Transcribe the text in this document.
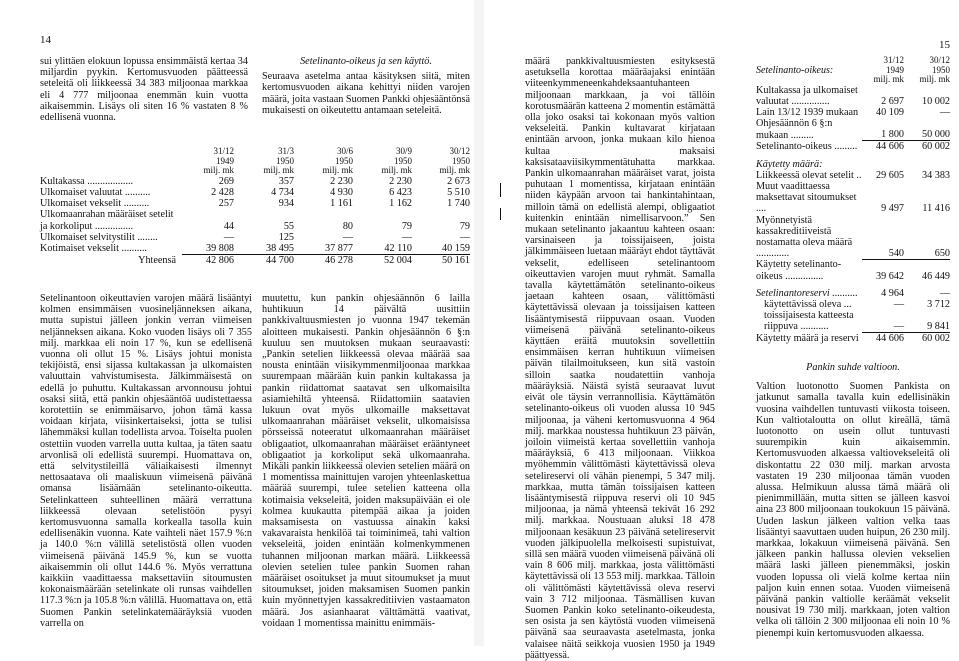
14

sui ylittäen elokuun lopussa ensimmäistä kertaa 34 miljardin pyykin. Kertomusvuoden päätteessä seteleitä oli liikkeessä 34 383 miljoonaa markkaa eli 4 777 miljoonaa enemmän kuin vuotta aikaisemmin. Lisäys oli siten 16 % vastaten 8 % edellisenä vuonna.

Setelinanto-oikeus ja sen käyttö.

Seuraava asetelma antaa käsityksen siitä, miten kertomusvuoden aikana kehittyi niiden varojen määrä, joita vastaan Suomen Pankki ohjesääntönsä mukaisesti on oikeutettu antamaan seteleitä.

	31/12	31/3	30/6	30/9	30/12
	1949	1950	1950	1950	1950
	milj. mk	milj. mk	milj. mk	milj. mk	milj. mk
Kultakassa ..................	269	357	2 230	2 230	2 673
Ulkomaiset valuutat ..........	2 428	4 734	4 930	6 423	5 510
Ulkomaiset vekselit ..........	257	934	1 161	1 162	1 740
Ulkomaanrahan määräiset setelit					
ja korkoliput ...............	44	55	80	79	79
Ulkomaiset selvitystilit ........	—	125	—	—	—
Kotimaiset vekselit ..........	39 808	38 495	37 877	42 110	40 159
Yhteensä	42 806	44 700	46 278	52 004	50 161

Setelinantoon oikeuttavien varojen määrä lisääntyi kolmen ensimmäisen vuosineljänneksen aikana, mutta supistui jälleen jonkin verran viimeisen neljänneksen aikana. Koko vuoden lisäys oli 7 355 milj. markkaa eli noin 17 %, kun se edellisenä vuonna oli ollut 15 %. Lisäys johtui monista tekijöistä, ensi sijassa kultakassan ja ulkomaisten valuuttain vahvistumisesta. Jälkimmäisestä on edellä jo puhuttu. Kultakassan arvonnousu johtui osaksi siitä, että pankin ohjesääntöä uudistettaessa korotettiin se enimmäisarvo, johon tämä kassa voidaan kirjata, viisinkertaiseksi, jotta se tulisi lähemmäksi kullan todellista arvoa. Toiselta puolen ostettiin vuoden varrella uutta kultaa, ja täten saatu arvonlisä oli edellistä suurempi. Huomattava on, että selvitystileillä väliaikaisesti ilmennyt nettosaatava oli maaliskuun viimeisenä päivänä omansa lisäämään setelinanto-oikeutta. Setelinkatteen suhteellinen määrä verrattuna liikkeessä olevaan setelistöön pysyi kertomusvuonna samalla korkealla tasolla kuin edellisenäkin vuonna. Kate vaihteli näet 157.9 %:n ja 140.0 %:n välillä setelistöstä ollen vuoden viimeisenä päivänä 145.9 %, kun se vuotta aikaisemmin oli ollut 144.6 %. Myös verrattuna kaikkiin vaadittaessa maksettaviin sitoumusten kokonaismäärään setelinkate oli runsas vaihdellen 117.3 %:n ja 105.8 %:n välillä. Huomattava on, että Suomen Pankin setelinkatemääräyksiä vuoden varrella on

muutettu, kun pankin ohjesäännön 6 lailla huhtikuun 14 päivältä uusittiin pankkivaltuusmiesten jo vuonna 1947 tekemän aloitteen mukaisesti. Pankin ohjesäännön 6 §:n kuuluu sen muutoksen mukaan seuraavasti: „Pankin setelien liikkeessä olevaa määrää saa nousta enintään viisikymmenmiljoonaa markkaa suurempaan määrään kuin pankin kultakassa ja pankin riidattomat saatavat sen ulkomaisilta asiamiehiltä yhteensä. Riidattomiin saatavien lukuun ovat myös ulkomaille maksettavat ulkomaanrahan määräiset vekselit, ulkomaisissa pörsseissä noteeratut ulkomaanrahan määräiset obligaatiot, ulkomaanrahan määräiset erääntyneet obligaatiot ja korkoliput sekä ulkomaanraha. Mikäli pankin liikkeessä olevien setelien määrä on 1 momentissa mainittujen varojen yhteenlaskettua määrää suurempi, tulee setelien katteena olla kotimaisia vekseleitä, joiden maksupäivään ei ole kolmea kuukautta pitempää aikaa ja joiden maksamisesta on vastuussa ainakin kaksi vakavaraista henkilöä tai toiminimeä, tahi valtion vekseleitä, joiden enintään kolmenkymmenen tuhannen miljoonan markan määrä. Liikkeessä olevien setelien tulee pankin Suomen rahan määräiset osoitukset ja muut sitoumukset ja muut sitoumukset, joiden maksamisen Suomen pankin kuin myönnettyjen kassakreditiivien vastaamaton määrä. Jos asianhaarat välttämättä vaativat, voidaan 1 momentissa mainittu enimmäis-

15

määrä pankkivaltuusmiesten esityksestä asetuksella korottaa määräajaksi enintään viiteenkymmeneenkahdeksaantuhanteen miljoonaan markkaan, ja voi tällöin korotusmäärän katteena 2 momentin estämättä olla joko osaksi tai kokonaan myös valtion vekseleitä. Pankin kultavarat kirjataan enintään arvoon, jonka mukaan kilo hienoa kultaa maksaisi kaksisataaviisikymmentätuhatta markkaa. Pankin ulkomaanrahan määräiset varat, joista puhutaan 1 momentissa, kirjataan enintään niiden käypään arvoon tai hankintahintaan, milloin tämä on edellistä alempi, obligaatiot kuitenkin enintään nimellisarvoon.” Sen mukaan setelinanto jakaantuu kahteen osaan: varsinaiseen ja toissijaiseen, joista jälkimmäiseen luetaan määräyt ehdot täyttävät vekselit, edelliseen setelinantoom oikeuttavien varojen muut ryhmät. Samalla tavalla käytettämätön setelinanto-oikeus jaetaan kahteen osaan, välittömästi käytettävissä olevaan ja toissijaisen katteen lisääntymisestä riippuvaan osaan. Vuoden viimeisenä päivänä setelinanto-oikeus käyttäen eräitä muutoksin sovellettiin ensimmäisen kerran huhtikuun viimeisen päivän tilailmoitukseen, kun sitä vastoin silloin saatka noudatettiin vanhoja määräyksiä. Näistä syistä seuraavat luvut eivät ole täysin verrannollisia. Käyttämätön setelinanto-oikeus oli vuoden alussa 10 945 miljoonaa, ja väheni kertomusvuonna 4 964 milj. markkaa noustessa huhtikuun 23 päivän, joiloin viimeistä kertaa sovellettiin vanhoja määräyksiä, 6 413 miljoonaan. Viikkoa myöhemmin välittömästi käytettävissä oleva setelireservi oli vähän pienempi, 5 347 milj. markkaa, mutta tämän toissijaisen katteen lisääntymisestä riippuva reservi oli 10 945 miljoonaa, ja nämä yhteensä tekivät 16 292 milj. markkaa. Noustuaan aluksi 18 478 miljoonaan kesäkuun 23 päivänä setelireservit vuoden jälkipuolella melkoisesti supistuivat, sillä sen määrä vuoden viimeisenä päivänä oli vain 8 606 milj. markkaa, josta välittömästi käytettävissä oli 13 553 milj. markkaa. Tälloin oli välittömästi käytettävissä oleva reservi vain 3 712 miljoonaa. Täsmällisen kuvan Suomen Pankin koko setelinanto-oikeudesta, sen osista ja sen käytöstä vuoden viimeisenä päivänä saa seuraavasta asetelmasta, jonka valaisee näitä seikkoja vuosien 1950 ja 1949 päättyessä.

	31/12	30/12
Setelinanto-oikeus:	1949	1950
	milj. mk	milj. mk
Kultakassa ja ulkomaiset valuutat ...............	2 697	10 002
Lain 13/12 1939 mukaan	40 109	—
Ohjesäännön 6 §:n mukaan .........	1 800	50 000
Setelinanto-oikeus .........	44 606	60 002

Käytetty määrä:		
Liikkeessä olevat setelit ..	29 605	34 383
Muut vaadittaessa maksettavat sitoumukset ....	9 497	11 416
Myönnetyistä kassakreditiiveistä nostamatta oleva määrä .............	540	650
Käytetty setelinanto-oikeus ...............	39 642	46 449

Setelinantoreservi ..........	4 964	—
käytettävissä oleva ...	—	3 712
toissijaisesta katteesta riippuva ...........	—	9 841
Käytetty määrä ja reservi	44 606	60 002
Pankin suhde valtioon.

Valtion luotonotto Suomen Pankista on jatkunut samalla tavalla kuin edellisinäkin vuosina vaihdellen tuntuvasti viikosta toiseen. Kun valtiotaloutta on ollut kireällä, tämä luotonotto on usein ollut tuntuvasti suurempikin kuin aikaisemmin. Kertomusvuoden alkaessa valtiovekseleitä oli diskontattu 22 030 milj. markan arvosta vastaten 19 230 miljoonaa tämän vuoden alussa. Helmikuun alussa tämä määrä oli pienimmillään, mutta sitten se jälleen kasvoi aina 23 800 miljoonaan toukokuun 15 päivänä. Uuden laskun jälkeen valtion velka taas lisääntyi saavuttaen uuden huipun, 26 230 milj. markkaa, lokakuun viimeisenä päivänä. Sen jälkeen pankin hallussa olevien vekselien määrä laski jälleen pienemmäksi, joskin vuoden lopussa oli vielä kolme kertaa niin paljon kuin ennen sotaa. Vuoden viimeisenä päivänä pankin valtiolle keräämät vekselit nousivat 19 730 milj. markkaan, joten valtion velka oli tällöin 2 300 miljoonaa eli noin 10 % pienempi kuin kertomusvuoden alkaessa.
